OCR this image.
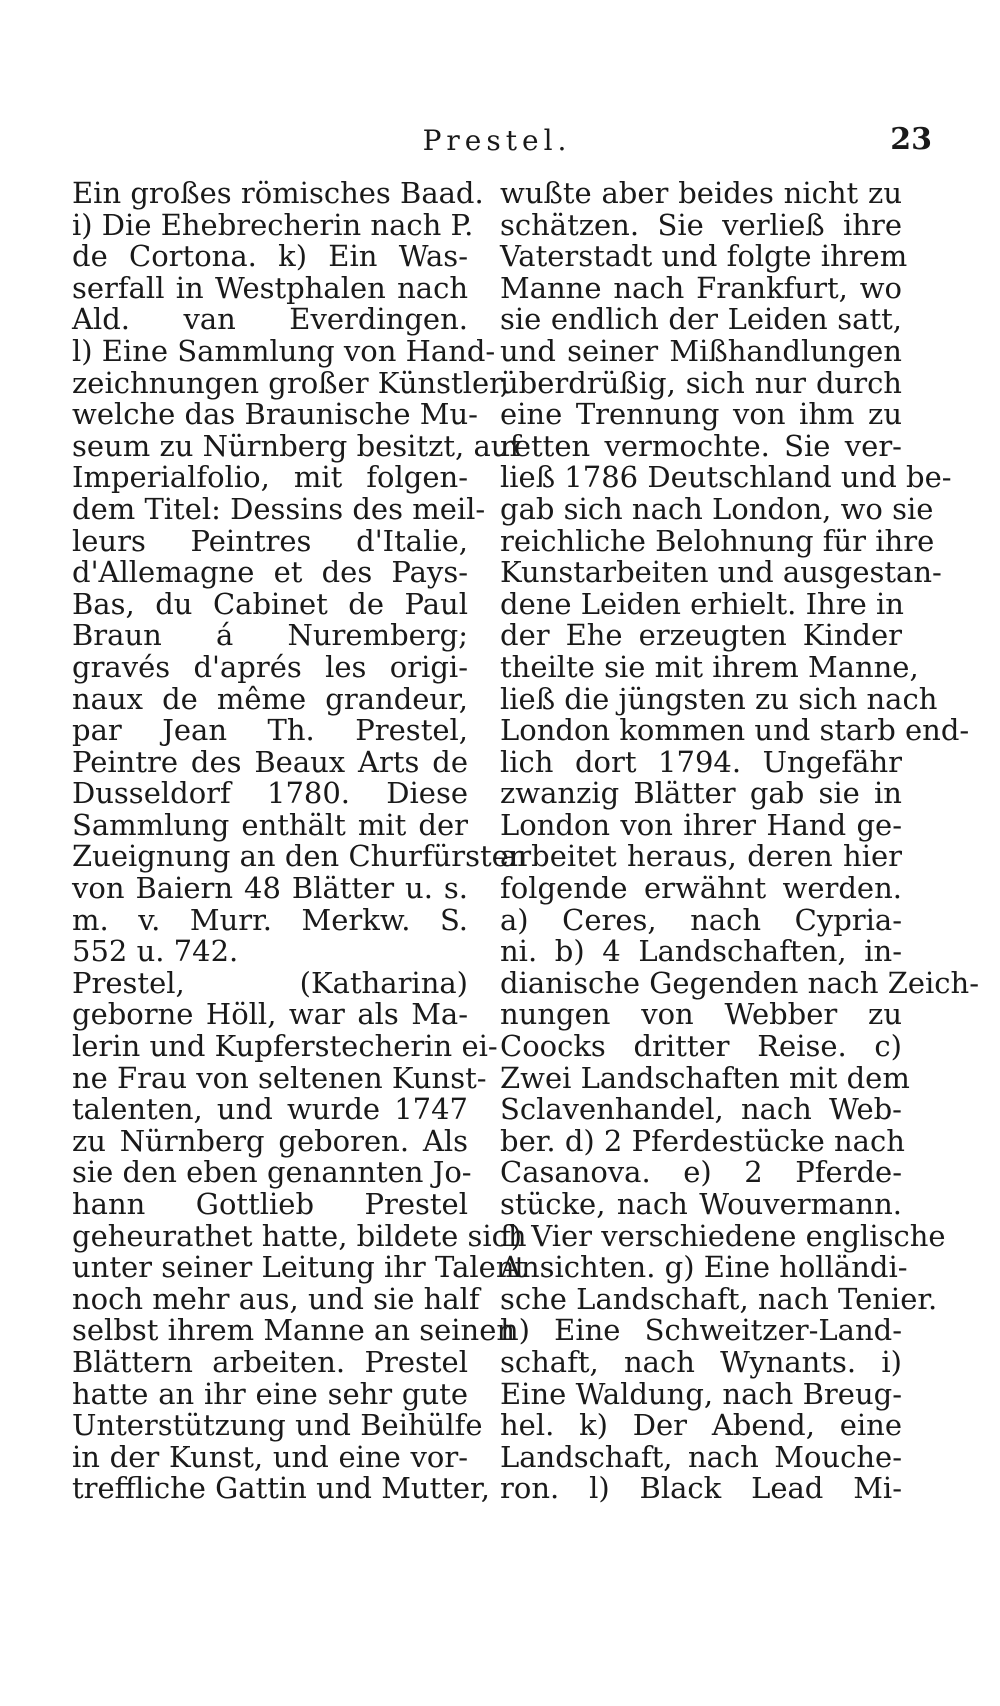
Prestel.	23
Ein großes römisches Baad.
i) Die Ehebrecherin nach P.
de Cortona. k) Ein Was-
serfall in Westphalen nach
Ald. van Everdingen.
l) Eine Sammlung von Hand-
zeichnungen großer Künstler,
welche das Braunische Mu-
seum zu Nürnberg besitzt, auf
Imperialfolio, mit folgen-
dem Titel: Dessins des meil-
leurs Peintres d'Italie,
d'Allemagne et des Pays-
Bas, du Cabinet de Paul
Braun á Nuremberg;
gravés d'aprés les origi-
naux de même grandeur,
par Jean Th. Prestel,
Peintre des Beaux Arts de
Dusseldorf 1780. Diese
Sammlung enthält mit der
Zueignung an den Churfürsten
von Baiern 48 Blätter u. s.
m. v. Murr. Merkw. S.
552 u. 742.
Prestel, (Katharina)
geborne Höll, war als Ma-
lerin und Kupferstecherin ei-
ne Frau von seltenen Kunst-
talenten, und wurde 1747
zu Nürnberg geboren. Als
sie den eben genannten Jo-
hann Gottlieb Prestel
geheurathet hatte, bildete sich
unter seiner Leitung ihr Talent
noch mehr aus, und sie half
selbst ihrem Manne an seinen
Blättern arbeiten. Prestel
hatte an ihr eine sehr gute
Unterstützung und Beihülfe
in der Kunst, und eine vor-
treffliche Gattin und Mutter,
wußte aber beides nicht zu
schätzen. Sie verließ ihre
Vaterstadt und folgte ihrem
Manne nach Frankfurt, wo
sie endlich der Leiden satt,
und seiner Mißhandlungen
überdrüßig, sich nur durch
eine Trennung von ihm zu
retten vermochte. Sie ver-
ließ 1786 Deutschland und be-
gab sich nach London, wo sie
reichliche Belohnung für ihre
Kunstarbeiten und ausgestan-
dene Leiden erhielt. Ihre in
der Ehe erzeugten Kinder
theilte sie mit ihrem Manne,
ließ die jüngsten zu sich nach
London kommen und starb end-
lich dort 1794. Ungefähr
zwanzig Blätter gab sie in
London von ihrer Hand ge-
arbeitet heraus, deren hier
folgende erwähnt werden.
a) Ceres, nach Cypria-
ni. b) 4 Landschaften, in-
dianische Gegenden nach Zeich-
nungen von Webber zu
Coocks dritter Reise. c)
Zwei Landschaften mit dem
Sclavenhandel, nach Web-
ber. d) 2 Pferdestücke nach
Casanova. e) 2 Pferde-
stücke, nach Wouvermann.
f) Vier verschiedene englische
Ansichten. g) Eine holländi-
sche Landschaft, nach Tenier.
h) Eine Schweitzer-Land-
schaft, nach Wynants. i)
Eine Waldung, nach Breug-
hel. k) Der Abend, eine
Landschaft, nach Mouche-
ron. l) Black Lead Mi-
